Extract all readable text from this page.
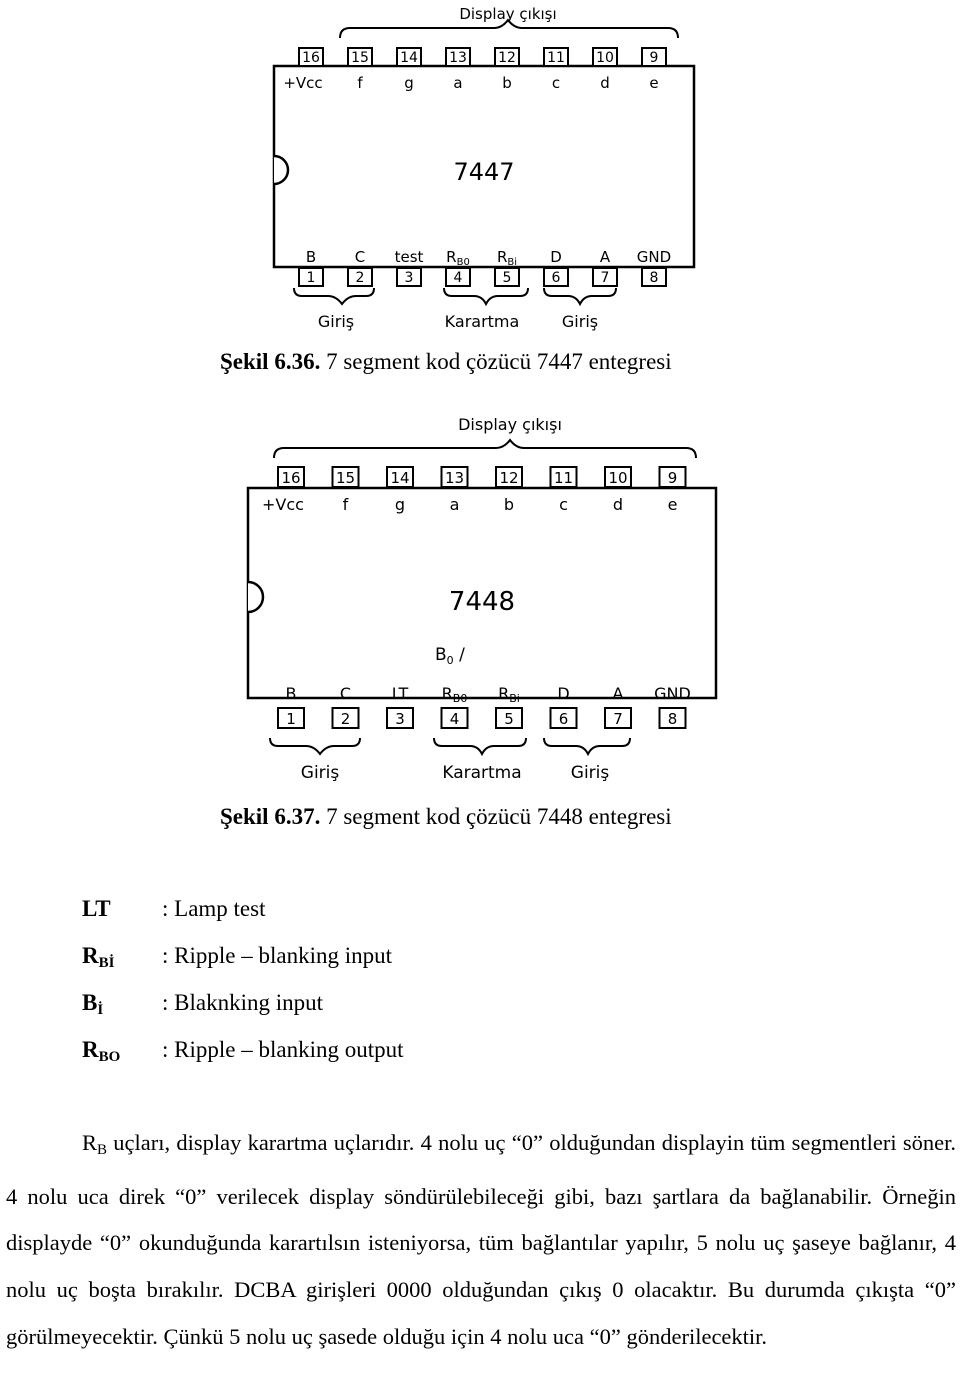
Display çıkışı
7447
16
+Vcc
15
f
14
g
13
a
12
b
11
c
10
d
9
e
1
B
2
C
3
test
4
$R_{B0}$
5
$R_{Bi}$
6
D
7
A
8
GND
Giriş	Karartma	Giriş
Şekil 6.36. 7 segment kod çözücü 7447 entegresi
Display çıkışı
7448
$B_0$ /
16
+Vcc
15
f
14
g
13
a
12
b
11
c
10
d
9
e
1
B
2
C
3
LT
4
RB0
5
RBi
6
D
7
A
8
GND
Giriş	Karartma	Giriş
Şekil 6.37. 7 segment kod çözücü 7448 entegresi
LT : Lamp test
$R_{Bİ}$ : Ripple – blanking input
$B_İ$	: Blaknking input
$R_{BO}$ : Ripple – blanking output

$R_B$ uçları, display karartma uçlarıdır. 4 nolu uç “0” olduğundan displayin tüm segmentleri söner. 4 nolu uca direk “0” verilecek display söndürülebileceği gibi, bazı şartlara da bağlanabilir. Örneğin displayde “0” okunduğunda karartılsın isteniyorsa, tüm bağlantılar yapılır, 5 nolu uç şaseye bağlanır, 4 nolu uç boşta bırakılır. DCBA girişleri 0000 olduğundan çıkış 0 olacaktır. Bu durumda çıkışta “0” görülmeyecektir. Çünkü 5 nolu uç şasede olduğu için 4 nolu uca “0” gönderilecektir.
